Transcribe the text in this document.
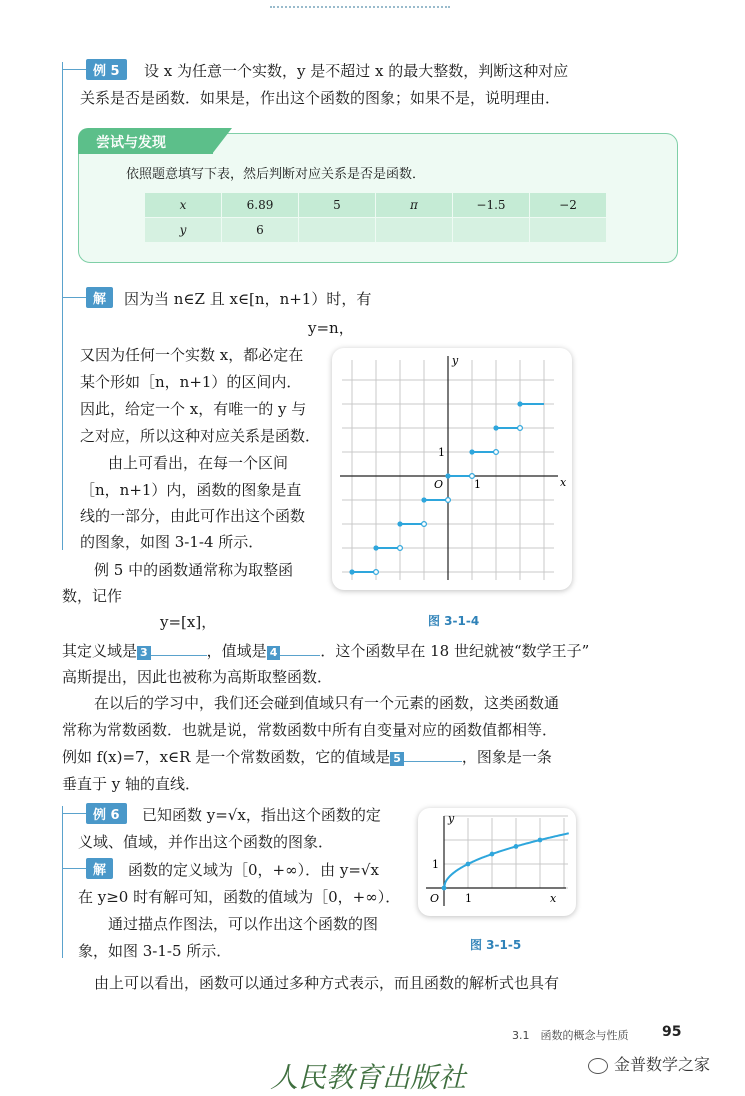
例 5	设 x 为任意一个实数，y 是不超过 x 的最大整数，判断这种对应
关系是否是函数．如果是，作出这个函数的图象；如果不是，说明理由．
尝试与发现
依照题意填写下表，然后判断对应关系是否是函数．
x	6.89	5	π	−1.5	−2
y	6				
解	因为当 n∈Z 且 x∈[n，n+1）时，有
y=n，
又因为任何一个实数 x，都必定在
某个形如［n，n+1）的区间内．
因此，给定一个 x，有唯一的 y 与
之对应，所以这种对应关系是函数．
由上可看出，在每一个区间
［n，n+1）内，函数的图象是直
线的一部分，由此可作出这个函数
的图象，如图 3-1-4 所示．
例 5 中的函数通常称为取整函
数，记作
y=[x]，
其定义域是 3	，值域是 4	．这个函数早在 18 世纪就被“数学王子”
高斯提出，因此也被称为高斯取整函数．
x
y
O	1
1
图 3-1-4
在以后的学习中，我们还会碰到值域只有一个元素的函数，这类函数通
常称为常数函数．也就是说，常数函数中所有自变量对应的函数值都相等．
例如 f(x)=7，x∈R 是一个常数函数，它的值域是 5	，图象是一条
垂直于 y 轴的直线．
例 6	已知函数 y=√x，指出这个函数的定
义域、值域，并作出这个函数的图象．
解	函数的定义域为［0，+∞）．由 y=√x
在 y≥0 时有解可知，函数的值域为［0，+∞）．
通过描点作图法，可以作出这个函数的图
象，如图 3-1-5 所示．
x
y
O 1
1
图 3-1-5
由上可以看出，函数可以通过多种方式表示，而且函数的解析式也具有
3.1　函数的概念与性质 95
人民教育出版社	金普数学之家
